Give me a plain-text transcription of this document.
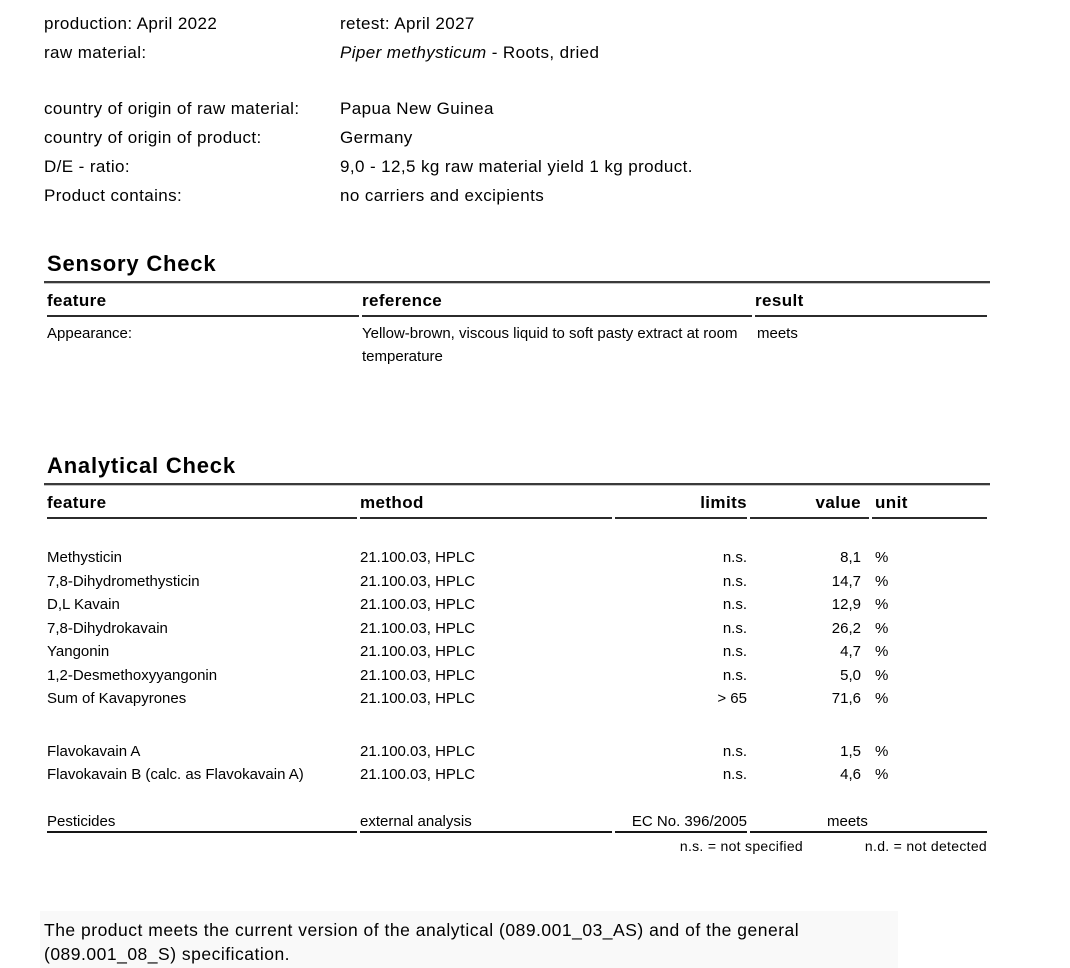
production: April 2022	retest: April 2027
raw material:	Piper methysticum - Roots, dried
country of origin of raw material:	Papua New Guinea
country of origin of product:	Germany
D/E - ratio:	9,0 - 12,5 kg raw material yield 1 kg product.
Product contains:	no carriers and excipients
Sensory Check
feature	reference	result
Appearance:	Yellow-brown, viscous liquid to soft pasty extract at room temperature	meets
Analytical Check
feature	method	limits	value	unit

Methysticin	21.100.03, HPLC	n.s.	8,1	%
7,8-Dihydromethysticin	21.100.03, HPLC	n.s.	14,7	%
D,L Kavain	21.100.03, HPLC	n.s.	12,9	%
7,8-Dihydrokavain	21.100.03, HPLC	n.s.	26,2	%
Yangonin	21.100.03, HPLC	n.s.	4,7	%
1,2-Desmethoxyyangonin	21.100.03, HPLC	n.s.	5,0	%
Sum of Kavapyrones	21.100.03, HPLC	> 65	71,6	%

Flavokavain A	21.100.03, HPLC	n.s.	1,5	%
Flavokavain B (calc. as Flavokavain A)	21.100.03, HPLC	n.s.	4,6	%

Pesticides	external analysis	EC No. 396/2005	meets	
n.s. = not specified	n.d. = not detected

The product meets the current version of the analytical (089.001_03_AS) and of the general (089.001_08_S) specification.
